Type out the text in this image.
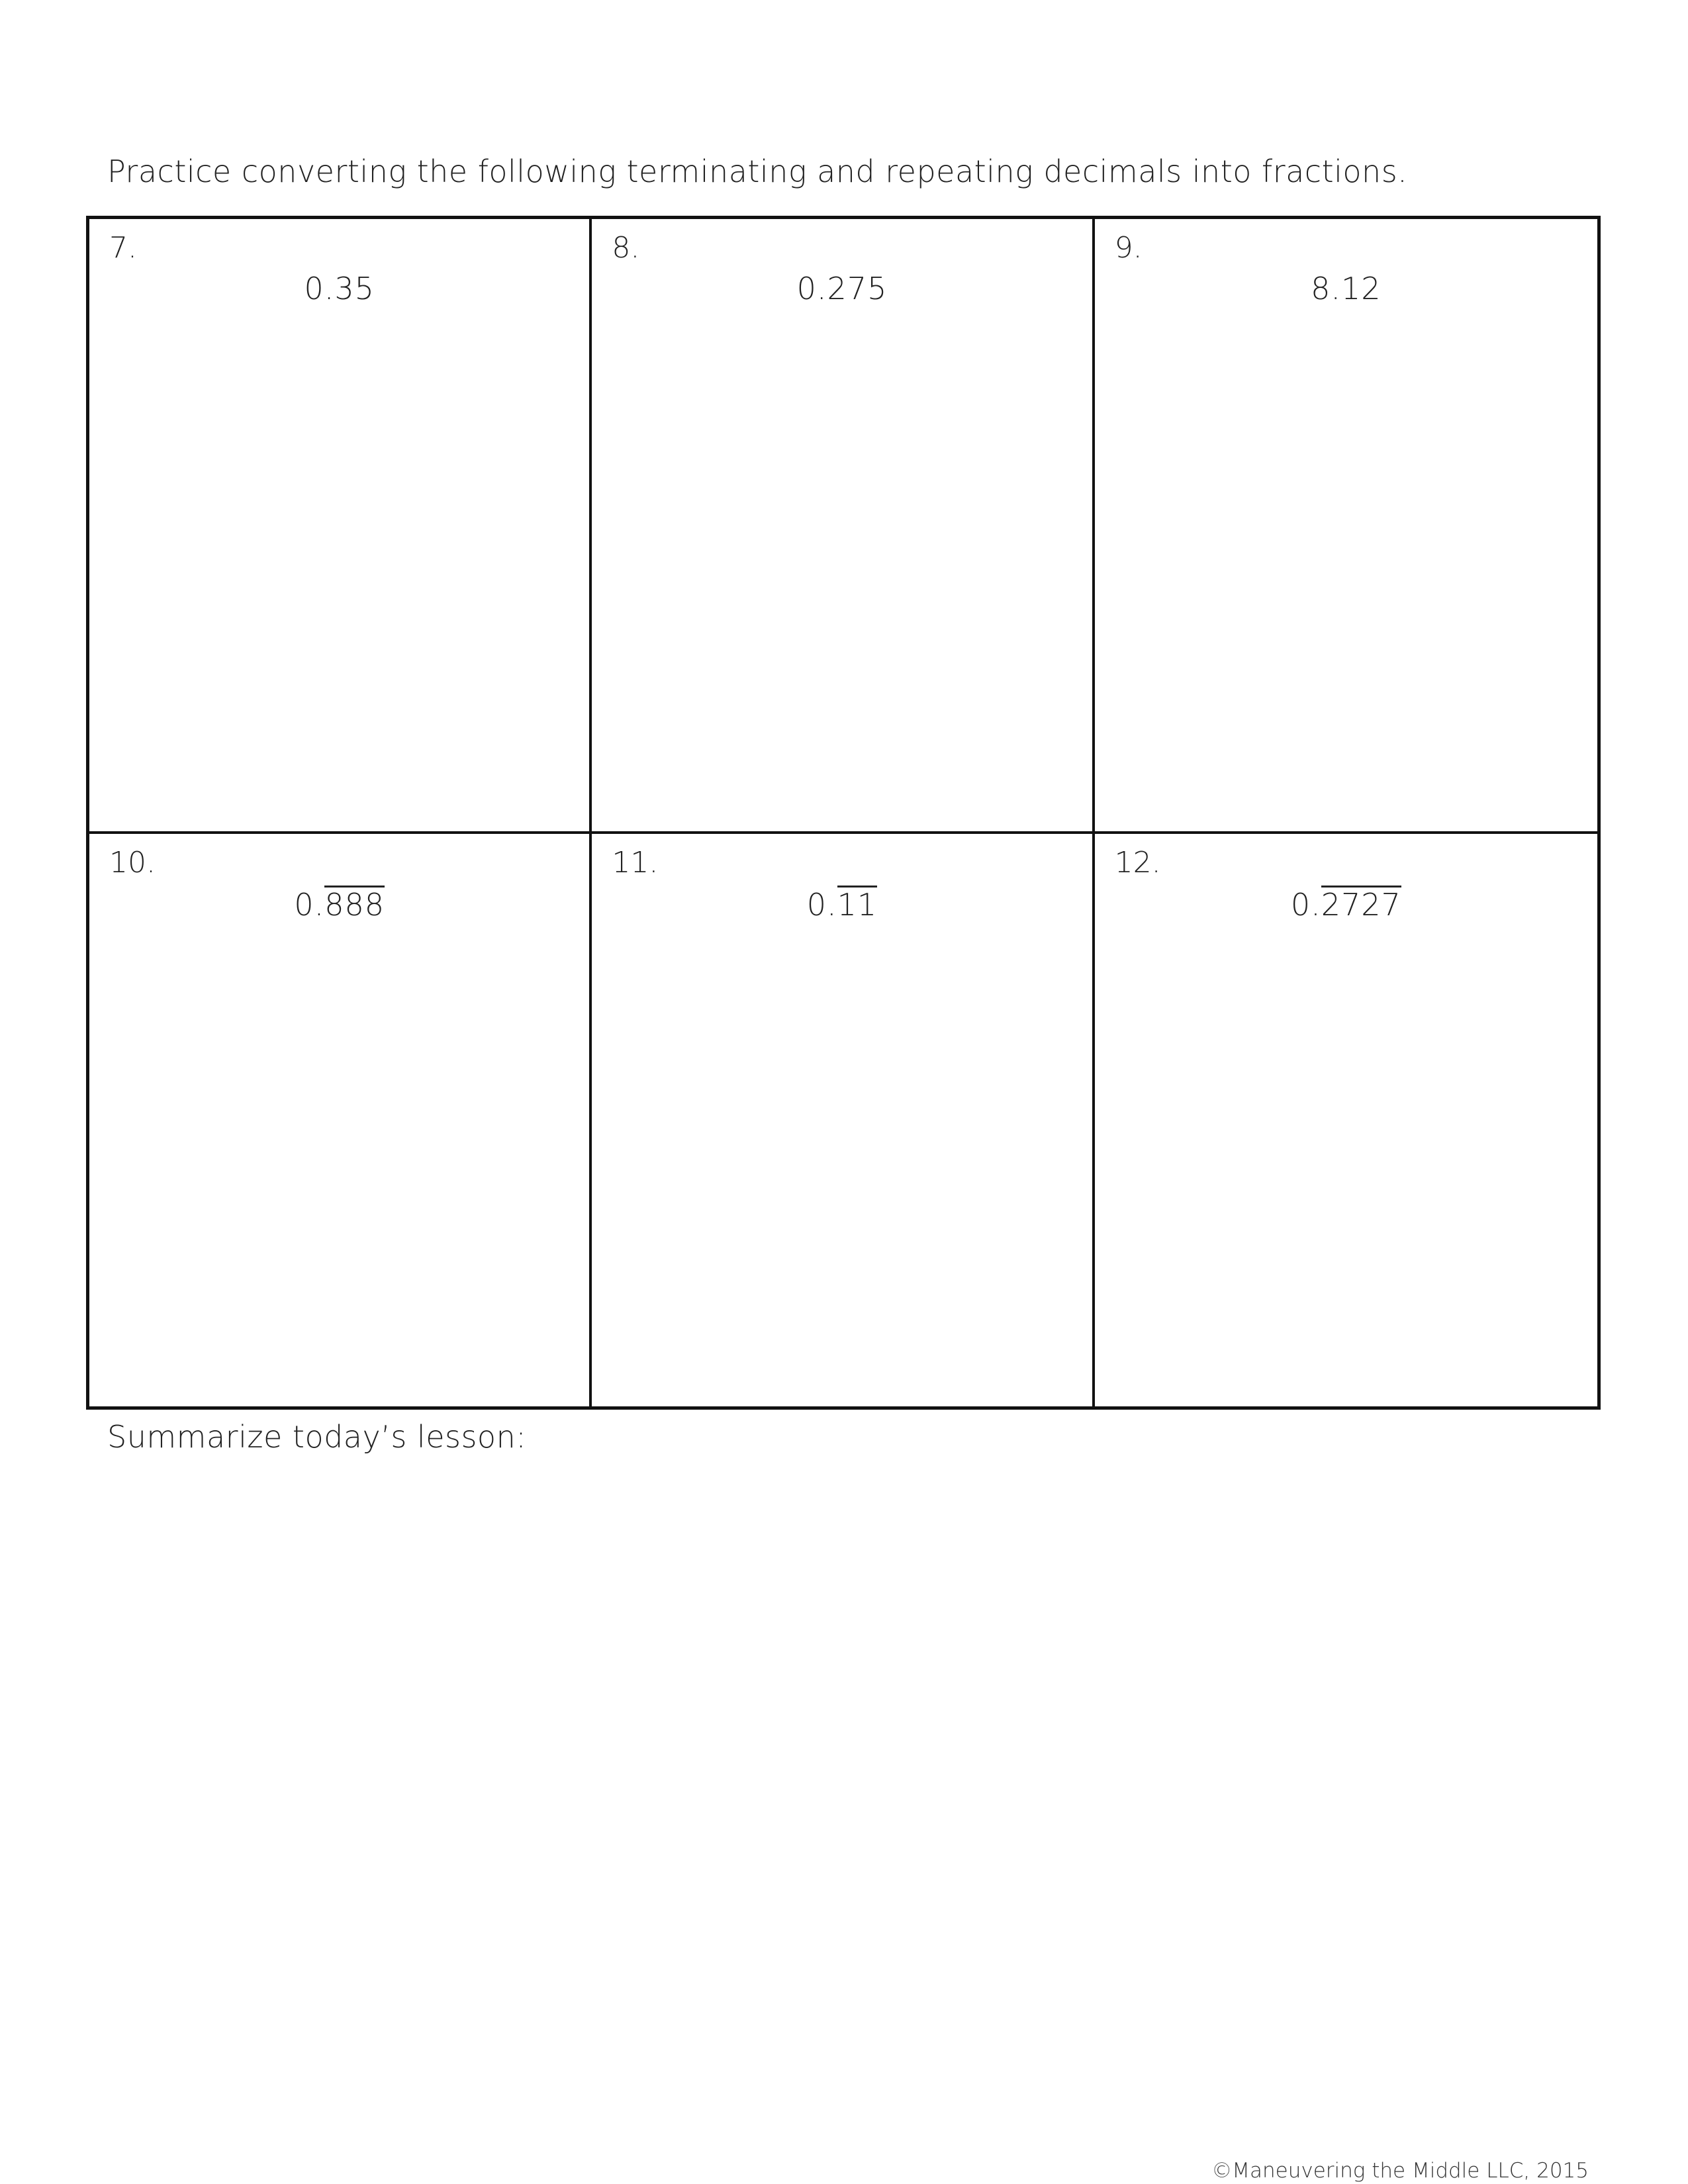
Practice converting the following terminating and repeating decimals into fractions.
7.
0.35
8.
0.275
9.
8.12
10.
0.888
11.
0.11
12.
0.2727
Summarize today’s lesson:
©Maneuvering the Middle LLC, 2015
